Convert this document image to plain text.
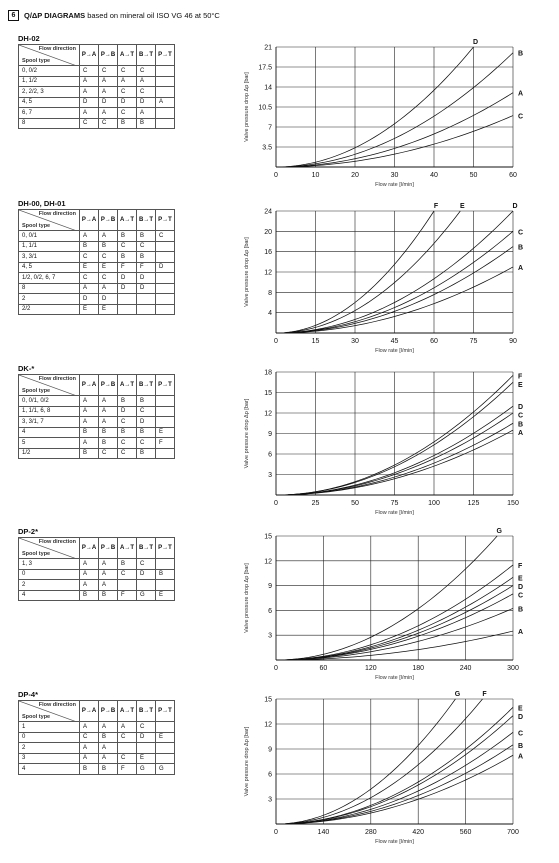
6	Q/ΔP DIAGRAMS
based on mineral oil ISO VG 46 at 50°C
DH-02
Flow direction
Spool type	P→A	P→B	A→T	B→T	P→T
0, 0/2	C	C	C	C	
1, 1/2	A	A	A	A	
2, 2/2, 3	A	A	C	C	
4, 5	D	D	D	D	A
6, 7	A	A	C	A	
8	C	C	B	B	
DH-00, DH-01
Flow direction
Spool type	P→A	P→B	A→T	B→T	P→T
0, 0/1	A	A	B	B	C
1, 1/1	B	B	C	C	
3, 3/1	C	C	B	B	
4, 5	E	E	F	F	D
1/2, 0/2, 6, 7	C	C	D	D	
8	A	A	D	D	
2	D	D			
2/2	E	E			
DK-*
Flow direction
Spool type	P→A	P→B	A→T	B→T	P→T
0, 0/1, 0/2	A	A	B	B	
1, 1/1, 6, 8	A	A	D	C	
3, 3/1, 7	A	A	C	D	
4	B	B	B	B	E
5	A	B	C	C	F
1/2	B	C	C	B	
DP-2*
Flow direction
Spool type	P→A	P→B	A→T	B→T	P→T
1, 3	A	A	B	C	
0	A	A	C	D	B
2	A	A			
4	B	B	F	G	E
DP-4*
Flow direction
Spool type	P→A	P→B	A→T	B→T	P→T
1	A	A	A	C	
0	C	B	C	D	E
2	A	A			
3	A	A	C	E	
4	B	B	F	G	G
0	10	20	30	40	50	60
3.5
7
10.5
14
17.5
21
Flow rate [l/min]
Valve pressure drop Δp [bar]
D
B
A
C
0	15	30	45	60	75	90
4
8
12
16
20
24
Flow rate [l/min]
Valve pressure drop Δp [bar]
F	E	D
C
B
A
0	25	50	75	100	125	150
3
6
9
12
15
18
Flow rate [l/min]
Valve pressure drop Δp [bar]
F
E
D
C
B
A
0	60	120	180	240	300
3
6
9
12
15
Flow rate [l/min]
Valve pressure drop Δp [bar]
G
F
E
D
C
B
A
0	140	280	420	560	700
3
6
9
12
15
Flow rate [l/min]
Valve pressure drop Δp [bar]
G	F
E
D
C
B
A
